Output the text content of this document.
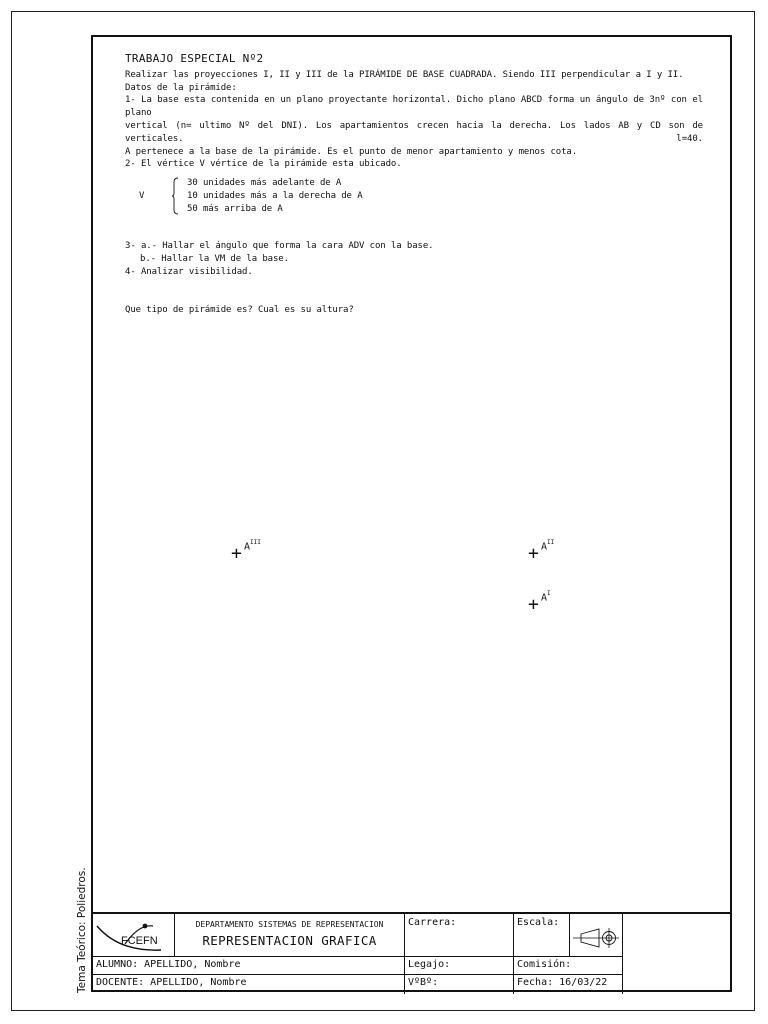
TRABAJO ESPECIAL Nº2

Realizar las proyecciones I, II y III de la PIRÁMIDE DE BASE CUADRADA. Siendo III perpendicular a I y II.

Datos de la pirámide:

1- La base esta contenida en un plano proyectante horizontal. Dicho plano ABCD forma un ángulo de 3nº con el plano

vertical (n= ultimo Nº del DNI). Los apartamientos crecen hacia la derecha. Los lados AB y CD son de verticales. l=40.

A pertenece a la base de la pirámide. Es el punto de menor apartamiento y menos cota.

2- El vértice V vértice de la pirámide esta ubicado.

V

30 unidades más adelante de A

10 unidades más a la derecha de A

50 más arriba de A

3- a.- Hallar el ángulo que forma la cara ADV con la base.

b.- Hallar la VM de la base.

4- Analizar visibilidad.

Que tipo de pirámide es? Cual es su altura?

+ $A^{III}$
+ $A^{II}$
+ $A^I$
FCEFN
DEPARTAMENTO SISTEMAS DE REPRESENTACION
REPRESENTACION GRAFICA
Carrera:	Escala:
ALUMNO: APELLIDO, Nombre	Legajo:	Comisión:
DOCENTE: APELLIDO, Nombre	VºBº:	Fecha: 16/03/22
Tema Teórico: Poliedros.
